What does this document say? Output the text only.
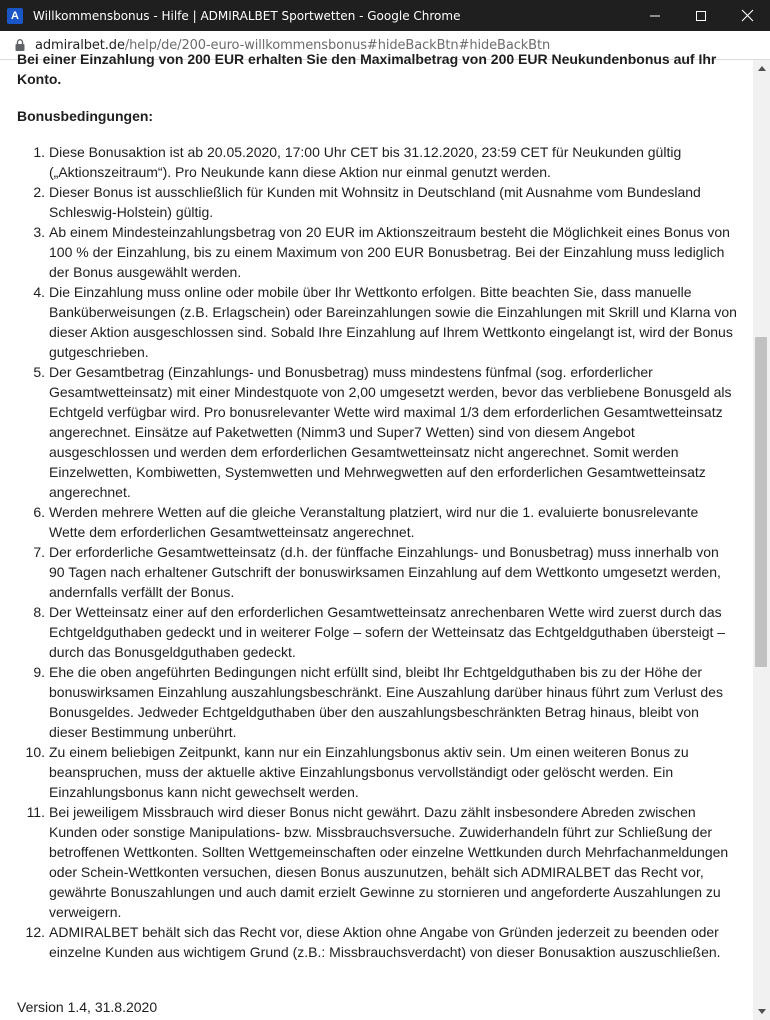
A	Willkommensbonus - Hilfe | ADMIRALBET Sportwetten - Google Chrome
admiralbet.de/help/de/200-euro-willkommensbonus#hideBackBtn#hideBackBtn

Bei einer Einzahlung von 200 EUR erhalten Sie den Maximalbetrag von 200 EUR Neukundenbonus auf Ihr Konto.

Bonusbedingungen:

1. Diese Bonusaktion ist ab 20.05.2020, 17:00 Uhr CET bis 31.12.2020, 23:59 CET für Neukunden gültig („Aktionszeitraum“). Pro Neukunde kann diese Aktion nur einmal genutzt werden.
2. Dieser Bonus ist ausschließlich für Kunden mit Wohnsitz in Deutschland (mit Ausnahme vom Bundesland Schleswig-Holstein) gültig.
3. Ab einem Mindesteinzahlungsbetrag von 20 EUR im Aktionszeitraum besteht die Möglichkeit eines Bonus von 100 % der Einzahlung, bis zu einem Maximum von 200 EUR Bonusbetrag. Bei der Einzahlung muss lediglich der Bonus ausgewählt werden.
4. Die Einzahlung muss online oder mobile über Ihr Wettkonto erfolgen. Bitte beachten Sie, dass manuelle Banküberweisungen (z.B. Erlagschein) oder Bareinzahlungen sowie die Einzahlungen mit Skrill und Klarna von dieser Aktion ausgeschlossen sind. Sobald Ihre Einzahlung auf Ihrem Wettkonto eingelangt ist, wird der Bonus gutgeschrieben.
5. Der Gesamtbetrag (Einzahlungs- und Bonusbetrag) muss mindestens fünfmal (sog. erforderlicher Gesamtwetteinsatz) mit einer Mindestquote von 2,00 umgesetzt werden, bevor das verbliebene Bonusgeld als Echtgeld verfügbar wird. Pro bonusrelevanter Wette wird maximal 1/3 dem erforderlichen Gesamtwetteinsatz angerechnet. Einsätze auf Paketwetten (Nimm3 und Super7 Wetten) sind von diesem Angebot ausgeschlossen und werden dem erforderlichen Gesamtwetteinsatz nicht angerechnet. Somit werden Einzelwetten, Kombiwetten, Systemwetten und Mehrwegwetten auf den erforderlichen Gesamtwetteinsatz angerechnet.
6. Werden mehrere Wetten auf die gleiche Veranstaltung platziert, wird nur die 1. evaluierte bonusrelevante Wette dem erforderlichen Gesamtwetteinsatz angerechnet.
7. Der erforderliche Gesamtwetteinsatz (d.h. der fünffache Einzahlungs- und Bonusbetrag) muss innerhalb von 90 Tagen nach erhaltener Gutschrift der bonuswirksamen Einzahlung auf dem Wettkonto umgesetzt werden, andernfalls verfällt der Bonus.
8. Der Wetteinsatz einer auf den erforderlichen Gesamtwetteinsatz anrechenbaren Wette wird zuerst durch das Echtgeldguthaben gedeckt und in weiterer Folge – sofern der Wetteinsatz das Echtgeldguthaben übersteigt – durch das Bonusgeldguthaben gedeckt.
9. Ehe die oben angeführten Bedingungen nicht erfüllt sind, bleibt Ihr Echtgeldguthaben bis zu der Höhe der bonuswirksamen Einzahlung auszahlungsbeschränkt. Eine Auszahlung darüber hinaus führt zum Verlust des Bonusgeldes. Jedweder Echtgeldguthaben über den auszahlungsbeschränkten Betrag hinaus, bleibt von dieser Bestimmung unberührt.
10. Zu einem beliebigen Zeitpunkt, kann nur ein Einzahlungsbonus aktiv sein. Um einen weiteren Bonus zu beanspruchen, muss der aktuelle aktive Einzahlungsbonus vervollständigt oder gelöscht werden. Ein Einzahlungsbonus kann nicht gewechselt werden.
11. Bei jeweiligem Missbrauch wird dieser Bonus nicht gewährt. Dazu zählt insbesondere Abreden zwischen Kunden oder sonstige Manipulations- bzw. Missbrauchsversuche. Zuwiderhandeln führt zur Schließung der betroffenen Wettkonten. Sollten Wettgemeinschaften oder einzelne Wettkunden durch Mehrfachanmeldungen oder Schein-Wettkonten versuchen, diesen Bonus auszunutzen, behält sich ADMIRALBET das Recht vor, gewährte Bonuszahlungen und auch damit erzielt Gewinne zu stornieren und angeforderte Auszahlungen zu verweigern.
12. ADMIRALBET behält sich das Recht vor, diese Aktion ohne Angabe von Gründen jederzeit zu beenden oder einzelne Kunden aus wichtigem Grund (z.B.: Missbrauchsverdacht) von dieser Bonusaktion auszuschließen.

Version 1.4, 31.8.2020
